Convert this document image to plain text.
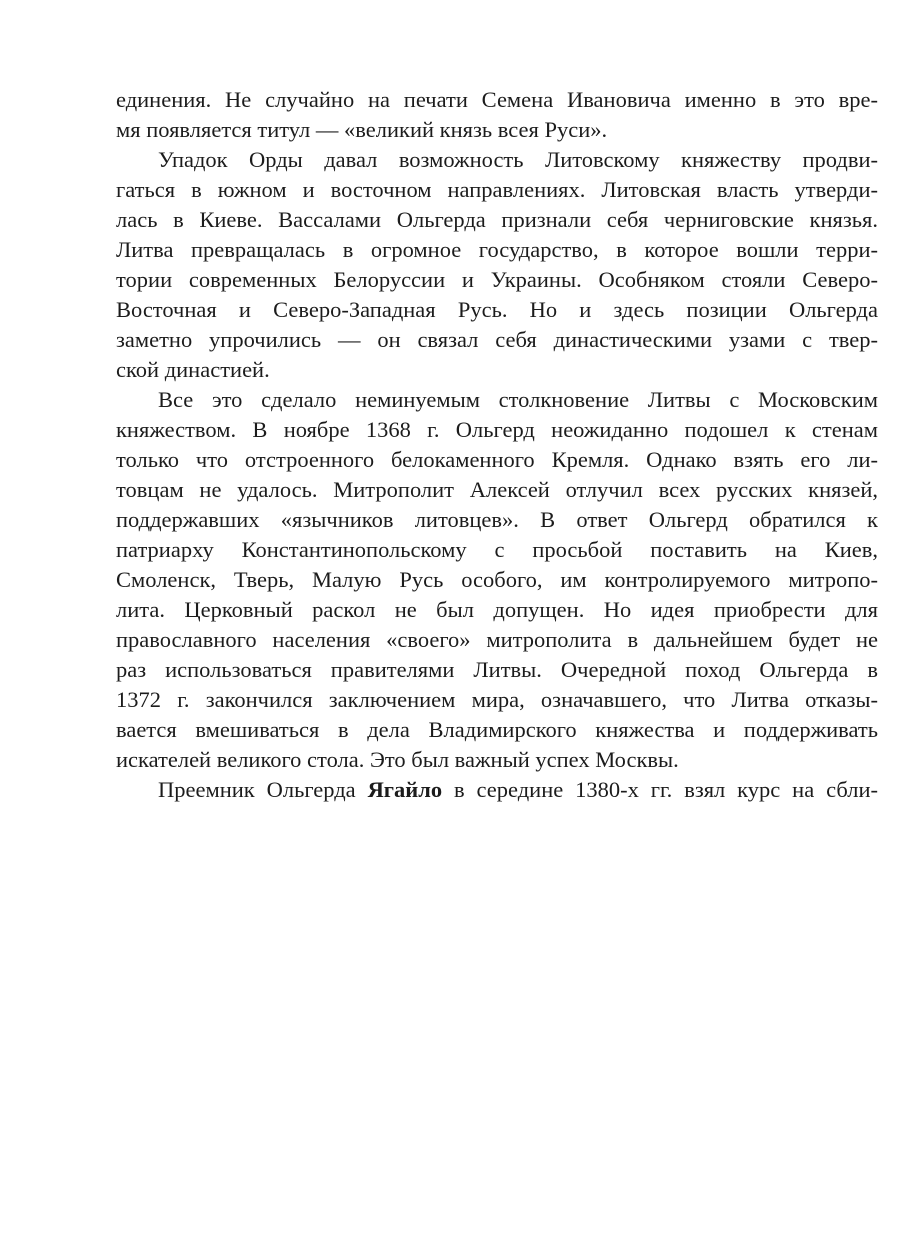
единения. Не случайно на печати Семена Ивановича именно в это вре-
мя появляется титул — «великий князь всея Руси».
Упадок Орды давал возможность Литовскому княжеству продви-
гаться в южном и восточном направлениях. Литовская власть утверди-
лась в Киеве. Вассалами Ольгерда признали себя черниговские князья.
Литва превращалась в огромное государство, в которое вошли терри-
тории современных Белоруссии и Украины. Особняком стояли Северо-
Восточная и Северо-Западная Русь. Но и здесь позиции Ольгерда
заметно упрочились — он связал себя династическими узами с твер-
ской династией.
Все это сделало неминуемым столкновение Литвы с Московским
княжеством. В ноябре 1368 г. Ольгерд неожиданно подошел к стенам
только что отстроенного белокаменного Кремля. Однако взять его ли-
товцам не удалось. Митрополит Алексей отлучил всех русских князей,
поддержавших «язычников литовцев». В ответ Ольгерд обратился к
патриарху Константинопольскому с просьбой поставить на Киев,
Смоленск, Тверь, Малую Русь особого, им контролируемого митропо-
лита. Церковный раскол не был допущен. Но идея приобрести для
православного населения «своего» митрополита в дальнейшем будет не
раз использоваться правителями Литвы. Очередной поход Ольгерда в
1372 г. закончился заключением мира, означавшего, что Литва отказы-
вается вмешиваться в дела Владимирского княжества и поддерживать
искателей великого стола. Это был важный успех Москвы.
Преемник Ольгерда Ягайло в середине 1380-х гг. взял курс на сбли-
